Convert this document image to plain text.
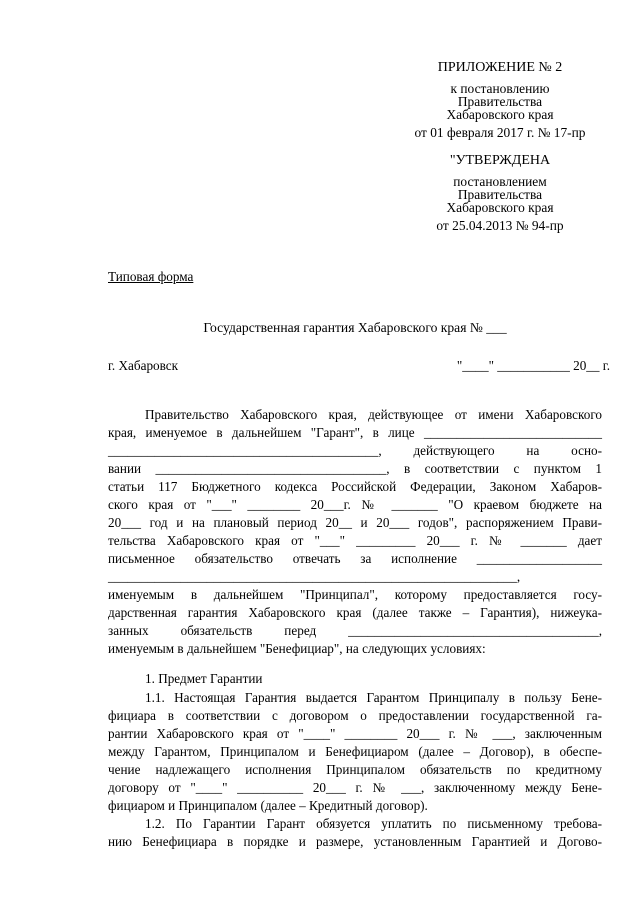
ПРИЛОЖЕНИЕ № 2
к постановлению
Правительства
Хабаровского края
от 01 февраля 2017 г. № 17-пр
"УТВЕРЖДЕНА
постановлением
Правительства
Хабаровского края
от 25.04.2013 № 94-пр
Типовая форма
Государственная гарантия Хабаровского края № ___
г. Хабаровск	"____" ___________ 20__ г.
Правительство Хабаровского края, действующее от имени Хабаровского
края, именуемое в дальнейшем "Гарант", в лице ___________________________
_________________________________________, действующего на осно-
вании ___________________________________, в соответствии с пунктом 1
статьи 117 Бюджетного кодекса Российской Федерации, Законом Хабаров-
ского края от "___" ________ 20___г. № _______ "О краевом бюджете на
20___ год и на плановый период 20__ и 20___ годов", распоряжением Прави-
тельства Хабаровского края от "___" _________ 20___ г. № _______ дает
письменное обязательство отвечать за исполнение ___________________
______________________________________________________________,
именуемым в дальнейшем "Принципал", которому предоставляется госу-
дарственная гарантия Хабаровского края (далее также – Гарантия), нижеука-
занных обязательств перед ______________________________________,
именуемым в дальнейшем "Бенефициар", на следующих условиях:
1. Предмет Гарантии
1.1. Настоящая Гарантия выдается Гарантом Принципалу в пользу Бене-
фициара в соответствии с договором о предоставлении государственной га-
рантии Хабаровского края от "____" ________ 20___ г. № ___, заключенным
между Гарантом, Принципалом и Бенефициаром (далее – Договор), в обеспе-
чение надлежащего исполнения Принципалом обязательств по кредитному
договору от "____" __________ 20___ г. № ___, заключенному между Бене-
фициаром и Принципалом (далее – Кредитный договор).
1.2. По Гарантии Гарант обязуется уплатить по письменному требова-
нию Бенефициара в порядке и размере, установленным Гарантией и Догово-
